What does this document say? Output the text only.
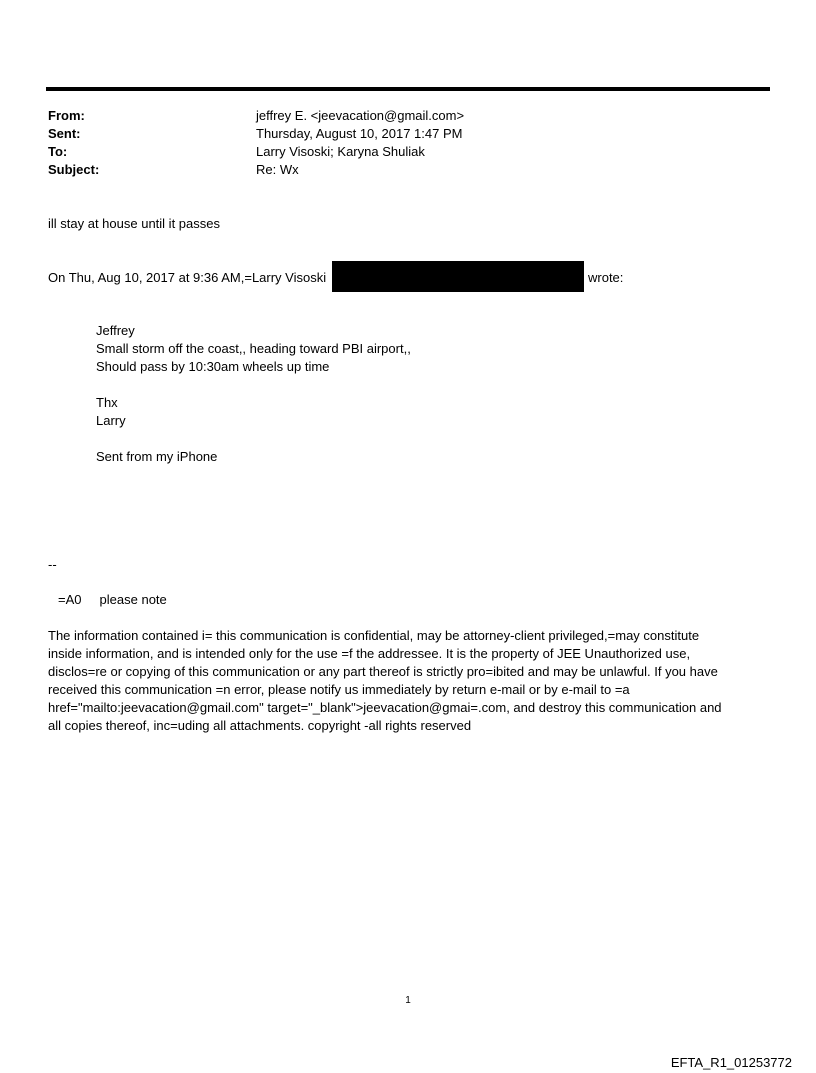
From:	jeffrey E. <jeevacation@gmail.com>
Sent:	Thursday, August 10, 2017 1:47 PM
To:	Larry Visoski; Karyna Shuliak
Subject:	Re: Wx
ill stay at house until it passes
On Thu, Aug 10, 2017 at 9:36 AM,=Larry Visoski	wrote:
Jeffrey
Small storm off the coast,, heading toward PBI airport,,
Should pass by 10:30am wheels up time
Thx
Larry
Sent from my iPhone
--
=A0     please note
The information contained i= this communication is confidential, may be attorney-client privileged,=may constitute
inside information, and is intended only for the use =f the addressee. It is the property of JEE Unauthorized use,
disclos=re or copying of this communication or any part thereof is strictly pro=ibited and may be unlawful. If you have
received this communication =n error, please notify us immediately by return e-mail or by e-mail to =a
href="mailto:jeevacation@gmail.com" target="_blank">jeevacation@gmai=.com, and destroy this communication and
all copies thereof, inc=uding all attachments. copyright -all rights reserved
1
EFTA_R1_01253772
